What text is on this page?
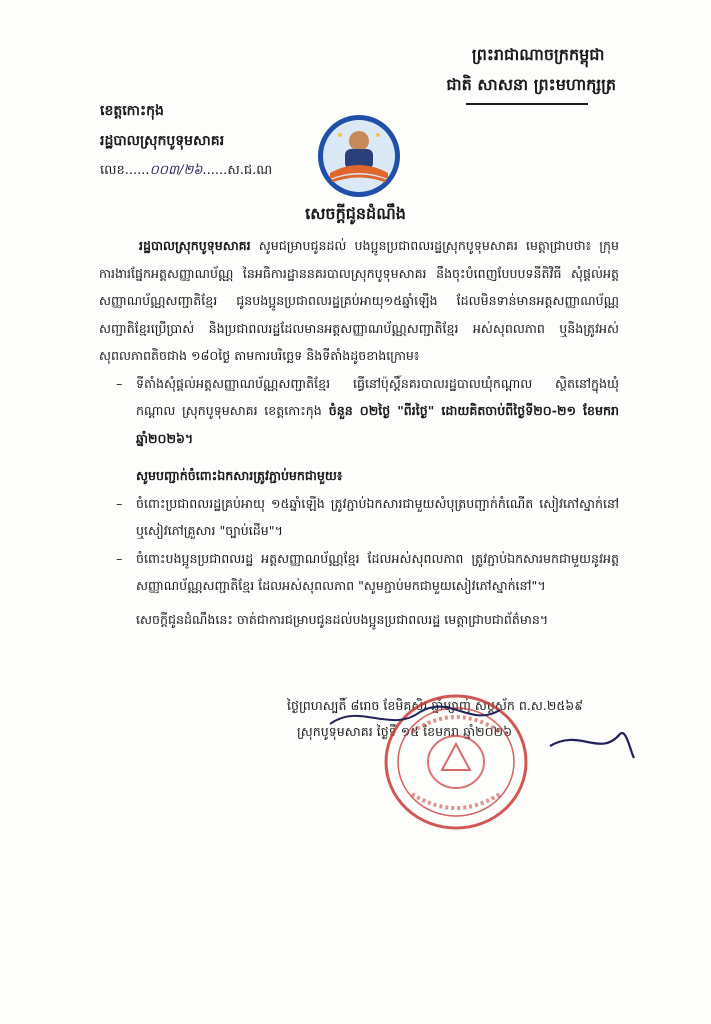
ព្រះរាជាណាចក្រកម្ពុជា
ជាតិ សាសនា ព្រះមហាក្សត្រ
ខេត្តកោះកុង
រដ្ឋបាលស្រុកបូទុមសាគរ
លេខ......០០៣/២៦......ស.ជ.ណ
សេចក្តីជូនដំណឹង

រដ្ឋបាលស្រុកបូទុមសាគរ សូមជម្រាបជូនដល់ បងប្អូនប្រជាពលរដ្ឋស្រុកបូទុមសាគរ មេត្តាជ្រាបថា៖ ក្រុមការងារផ្នែកអត្តសញ្ញាណប័ណ្ណ នៃអធិការដ្ឋាននគរបាលស្រុកបូទុមសាគរ នឹងចុះបំពេញបែបបទនីតិវិធី សុំផ្ដល់អត្តសញ្ញាណប័ណ្ណសញ្ជាតិខ្មែរ ជូនបងប្អូនប្រជាពលរដ្ឋគ្រប់អាយុ១៥ឆ្នាំឡើង ដែលមិនទាន់មានអត្តសញ្ញាណប័ណ្ណសញ្ជាតិខ្មែរប្រើប្រាស់ និងប្រជាពលរដ្ឋដែលមានអត្តសញ្ញាណប័ណ្ណសញ្ជាតិខ្មែរ អស់សុពលភាព ឬនិងត្រូវអស់សុពលភាពតិចជាង ១៨០ថ្ងៃ តាមការបរិច្ឆេទ និងទីតាំងដូចខាងក្រោម៖

– ទីតាំងសុំផ្ដល់អត្តសញ្ញាណប័ណ្ណសញ្ជាតិខ្មែរ ធ្វើនៅប៉ុស្ដិ៍នគរបាលរដ្ឋបាលឃុំកណ្ដាល ស្ថិតនៅក្នុងឃុំកណ្ដាល ស្រុកបូទុមសាគរ ខេត្តកោះកុង ចំនួន ០២ថ្ងៃ "ពីរថ្ងៃ" ដោយគិតចាប់ពីថ្ងៃទី២០-២១ ខែមករា ឆ្នាំ២០២៦។

សូមបញ្ជាក់ចំពោះឯកសារត្រូវភ្ជាប់មកជាមួយ៖

– ចំពោះប្រជាពលរដ្ឋគ្រប់អាយុ ១៥ឆ្នាំឡើង ត្រូវភ្ជាប់ឯកសារជាមួយសំបុត្របញ្ជាក់កំណើត សៀវភៅស្នាក់នៅ ឬសៀវភៅគ្រួសារ "ច្បាប់ដើម"។

– ចំពោះបងប្អូនប្រជាពលរដ្ឋ អត្តសញ្ញាណប័ណ្ណខ្មែរ ដែលអស់សុពលភាព ត្រូវភ្ជាប់ឯកសារមកជាមួយនូវអត្តសញ្ញាណប័ណ្ណសញ្ជាតិខ្មែរ ដែលអស់សុពលភាព "សូមភ្ជាប់មកជាមួយសៀវភៅស្នាក់នៅ"។

សេចក្ដីជូនដំណឹងនេះ ចាត់ជាការជម្រាបជូនដល់បងប្អូនប្រជាពលរដ្ឋ មេត្តាជ្រាបជាព័ត៌មាន។

ថ្ងៃព្រហស្បតិ៍ ៨រោច ខែមិគសិរ ឆ្នាំម្សាញ់ សប្តស័ក ព.ស.២៥៦៩
ស្រុកបូទុមសាគរ ថ្ងៃទី ១៥ ខែមករា ឆ្នាំ២០២៦
